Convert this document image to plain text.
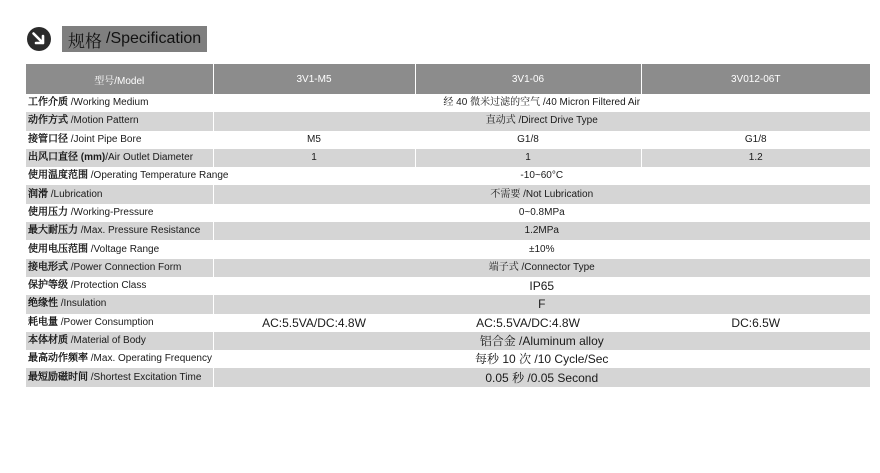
规格 /Specification
型号/Model	3V1-M5	3V1-06	3V012-06T
工作介质 /Working Medium	经 40 微米过滤的空气 /40 Micron Filtered Air		
动作方式 /Motion Pattern	直动式 /Direct Drive Type		
接管口径 /Joint Pipe Bore	M5	G1/8	G1/8
出风口直径 (mm)/Air Outlet Diameter	1	1	1.2
使用温度范围 /Operating Temperature Range	-10~60°C		
润滑 /Lubrication	不需要 /Not Lubrication		
使用压力 /Working-Pressure	0~0.8MPa		
最大耐压力 /Max. Pressure Resistance	1.2MPa		
使用电压范围 /Voltage Range	±10%		
接电形式 /Power Connection Form	端子式 /Connector Type		
保护等级 /Protection Class	IP65		
绝缘性 /Insulation	F		
耗电量 /Power Consumption	AC:5.5VA/DC:4.8W	AC:5.5VA/DC:4.8W	DC:6.5W
本体材质 /Material of Body	铝合金 /Aluminum alloy		
最高动作频率 /Max. Operating Frequency	每秒 10 次 /10 Cycle/Sec		
最短励磁时间 /Shortest Excitation Time	0.05 秒 /0.05 Second		
